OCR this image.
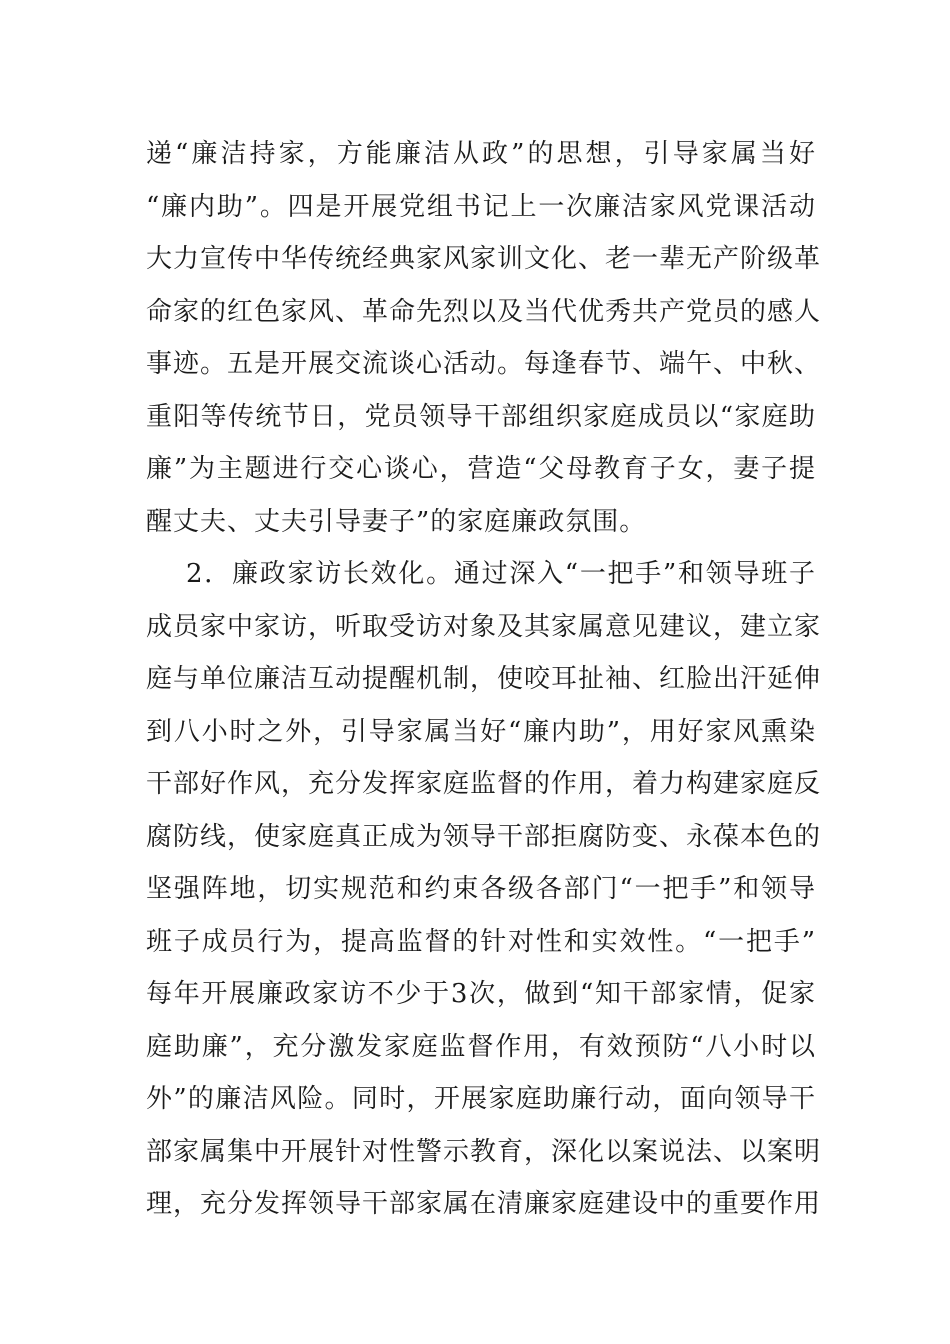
递“廉洁持家，方能廉洁从政”的思想，引导家属当好
“廉内助”。四是开展党组书记上一次廉洁家风党课活动
大力宣传中华传统经典家风家训文化、老一辈无产阶级革
命家的红色家风、革命先烈以及当代优秀共产党员的感人
事迹。五是开展交流谈心活动。每逢春节、端午、中秋、
重阳等传统节日，党员领导干部组织家庭成员以“家庭助
廉”为主题进行交心谈心，营造“父母教育子女，妻子提
醒丈夫、丈夫引导妻子”的家庭廉政氛围。
2．廉政家访长效化。通过深入“一把手”和领导班子
成员家中家访，听取受访对象及其家属意见建议，建立家
庭与单位廉洁互动提醒机制，使咬耳扯袖、红脸出汗延伸
到八小时之外，引导家属当好“廉内助”，用好家风熏染
干部好作风，充分发挥家庭监督的作用，着力构建家庭反
腐防线，使家庭真正成为领导干部拒腐防变、永葆本色的
坚强阵地，切实规范和约束各级各部门“一把手”和领导
班子成员行为，提高监督的针对性和实效性。“一把手”
每年开展廉政家访不少于3次，做到“知干部家情，促家
庭助廉”，充分激发家庭监督作用，有效预防“八小时以
外”的廉洁风险。同时，开展家庭助廉行动，面向领导干
部家属集中开展针对性警示教育，深化以案说法、以案明
理，充分发挥领导干部家属在清廉家庭建设中的重要作用
